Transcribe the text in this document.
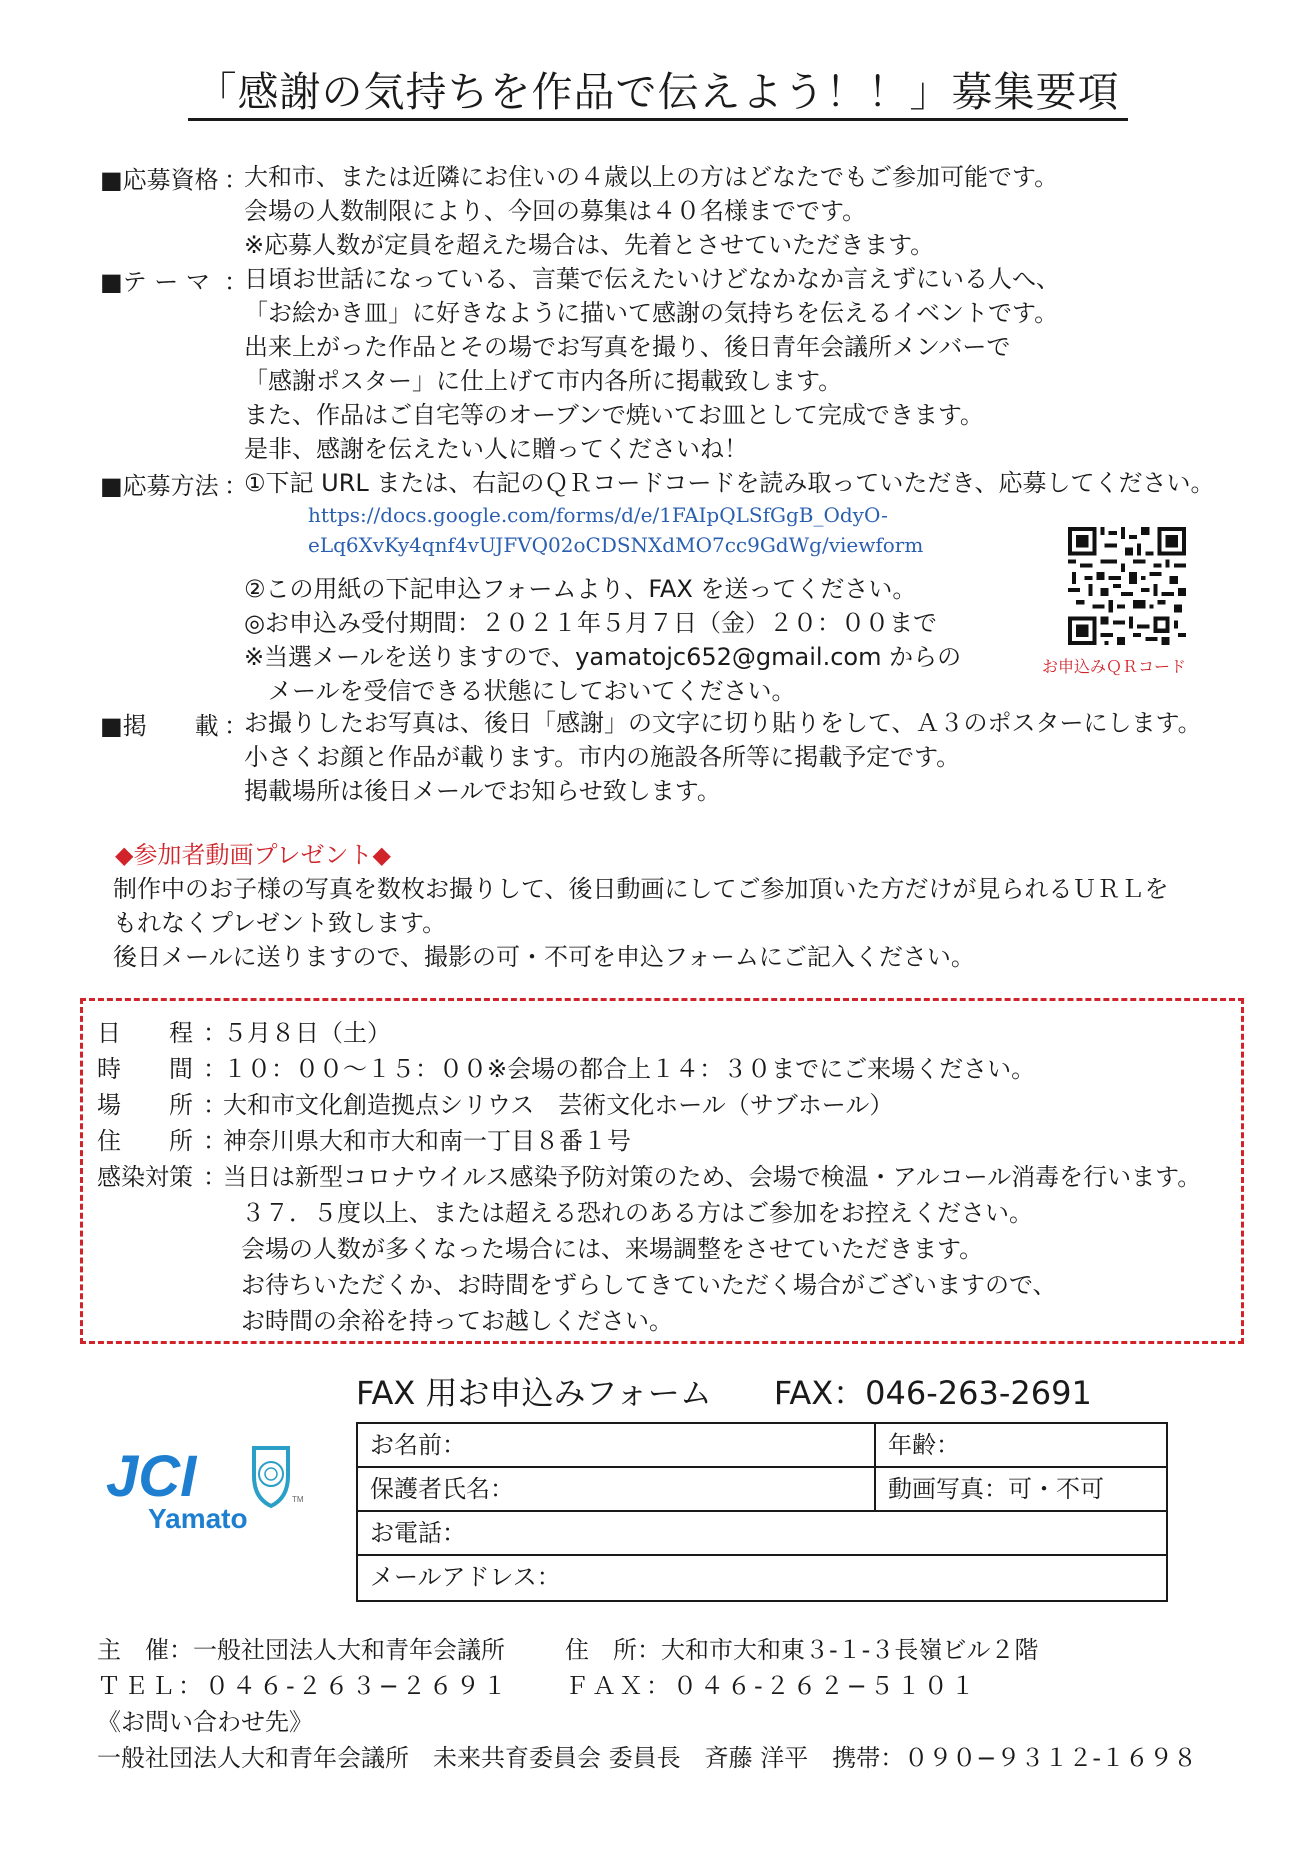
「感謝の気持ちを作品で伝えよう！！」募集要項
■応募資格 ：
大和市、または近隣にお住いの４歳以上の方はどなたでもご参加可能です。
会場の人数制限により、今回の募集は４０名様までです。
※応募人数が定員を超えた場合は、先着とさせていただきます。
■テ ー マ ：
日頃お世話になっている、言葉で伝えたいけどなかなか言えずにいる人へ、
「お絵かき皿」に好きなように描いて感謝の気持ちを伝えるイベントです。
出来上がった作品とその場でお写真を撮り、後日青年会議所メンバーで
「感謝ポスター」に仕上げて市内各所に掲載致します。
また、作品はご自宅等のオーブンで焼いてお皿として完成できます。
是非、感謝を伝えたい人に贈ってくださいね！
■応募方法 ：
①下記 URL または、右記のＱＲコードコードを読み取っていただき、応募してください。
https://docs.google.com/forms/d/e/1FAIpQLSfGgB_OdyO-
eLq6XvKy4qnf4vUJFVQ02oCDSNXdMO7cc9GdWg/viewform
②この用紙の下記申込フォームより、FAX を送ってください。
◎お申込み受付期間：２０２１年５月７日（金）２０：００まで
※当選メールを送りますので、yamatojc652@gmail.com からの
　メールを受信できる状態にしておいてください。
お申込みＱＲコード
■掲　　載 ：
お撮りしたお写真は、後日「感謝」の文字に切り貼りをして、Ａ３のポスターにします。
小さくお顔と作品が載ります。市内の施設各所等に掲載予定です。
掲載場所は後日メールでお知らせ致します。
◆参加者動画プレゼント◆
制作中のお子様の写真を数枚お撮りして、後日動画にしてご参加頂いた方だけが見られるＵＲＬを
もれなくプレゼント致します。
後日メールに送りますので、撮影の可・不可を申込フォームにご記入ください。
日 程 ：
５月８日（土）
時 間 ：
１０：００～１５：００※会場の都合上１４：３０までにご来場ください。
場 所 ：
大和市文化創造拠点シリウス　芸術文化ホール（サブホール）
住 所 ：
神奈川県大和市大和南一丁目８番１号
感染対策 ：
当日は新型コロナウイルス感染予防対策のため、会場で検温・アルコール消毒を行います。
３７．５度以上、または超える恐れのある方はご参加をお控えください。
会場の人数が多くなった場合には、来場調整をさせていただきます。
お待ちいただくか、お時間をずらしてきていただく場合がございますので、
お時間の余裕を持ってお越しください。
FAX 用お申込みフォーム FAX：046-263-2691
JCI	TM
Yamato
お名前：	年齢：
保護者氏名：	動画写真：可・不可
お電話：
メールアドレス：
主　催：一般社団法人大和青年会議所	住　所：大和市大和東３-１-３長嶺ビル２階
ＴＥＬ：０４６-２６３−２６９１ ＦＡＸ：０４６-２６２−５１０１
《お問い合わせ先》
一般社団法人大和青年会議所　未来共育委員会 委員長　斉藤 洋平　携帯：０９０−９３１２-１６９８
